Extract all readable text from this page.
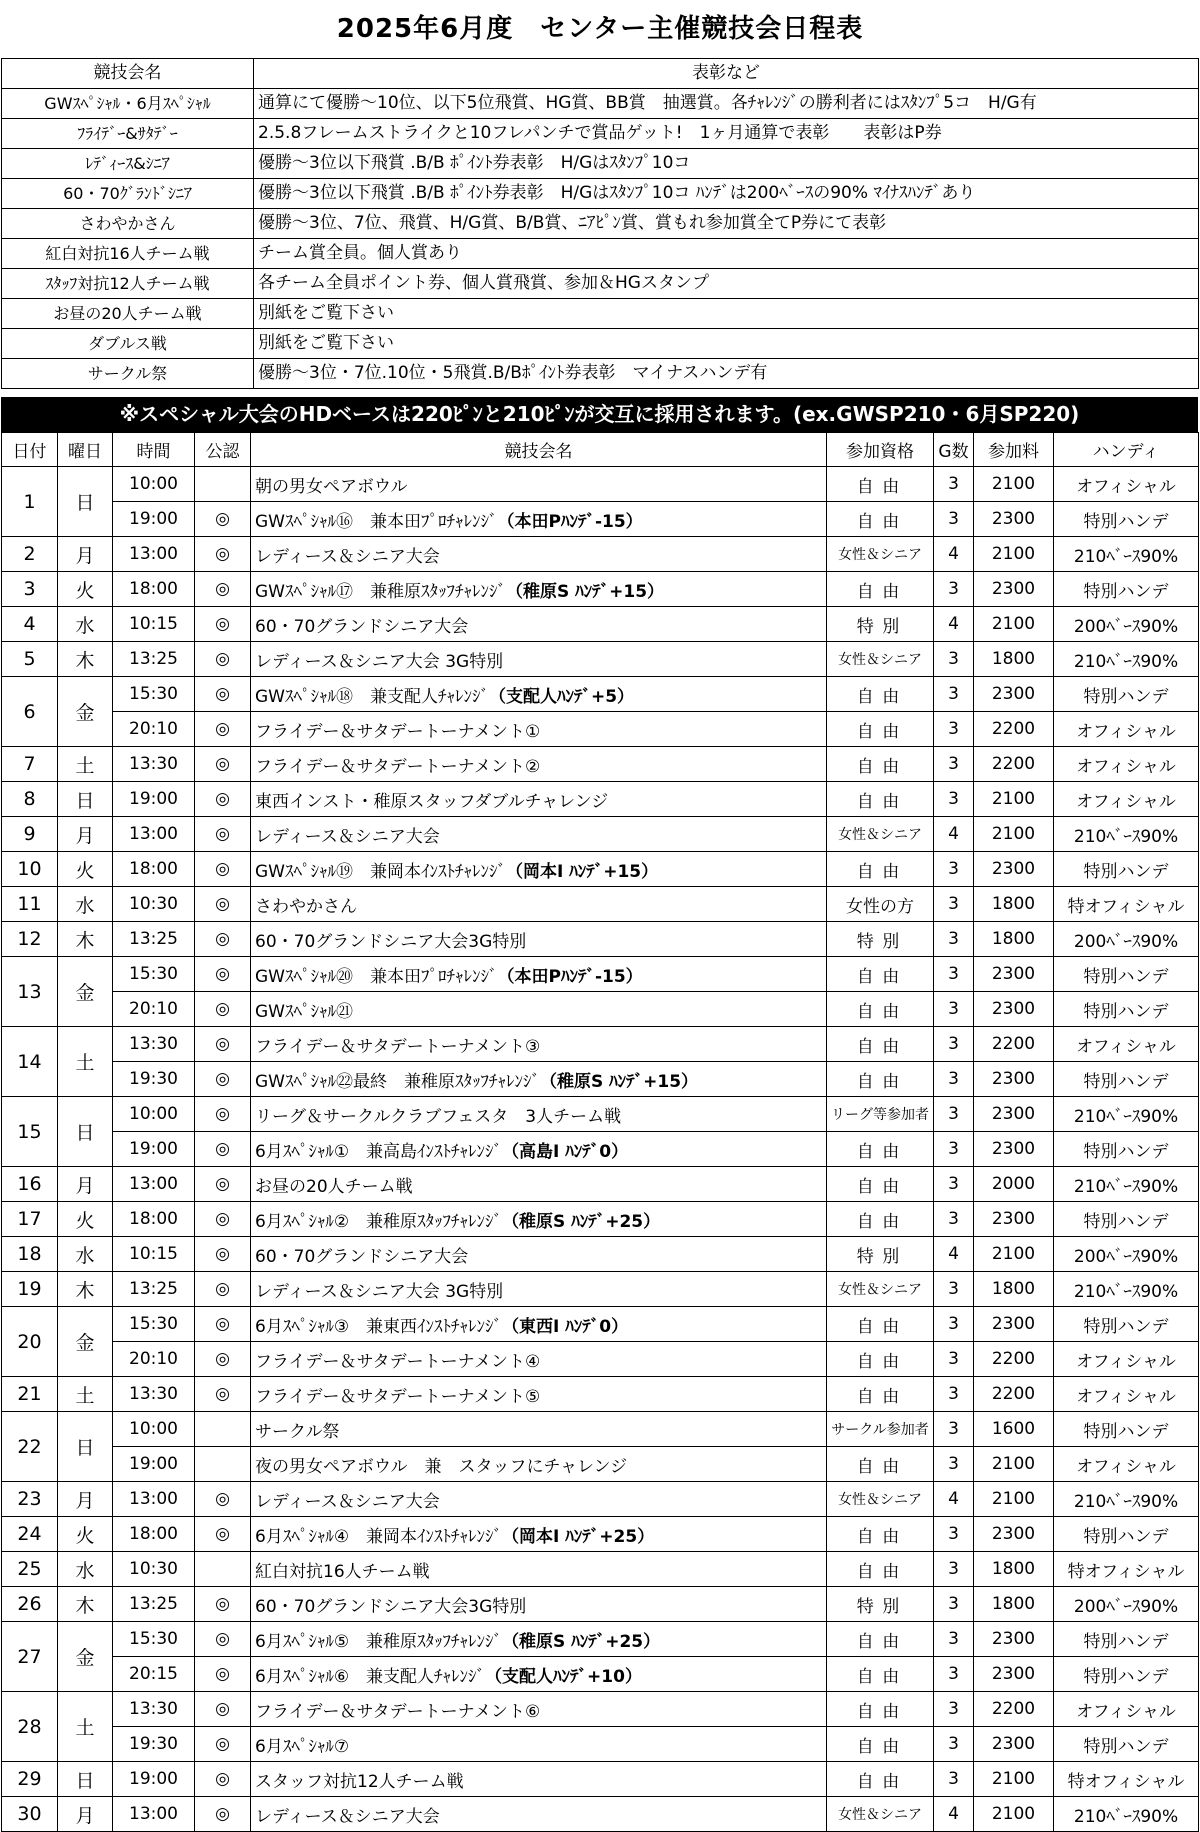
2025年6月度　センター主催競技会日程表
競技会名	表彰など
GWｽﾍﾟｼｬﾙ・6月ｽﾍﾟｼｬﾙ	通算にて優勝～10位、以下5位飛賞、HG賞、BB賞　抽選賞。各ﾁｬﾚﾝｼﾞの勝利者にはｽﾀﾝﾌﾟ5コ　H/G有
ﾌﾗｲﾃﾞｰ&ｻﾀﾃﾞｰ	2.5.8フレームストライクと10フレパンチで賞品ゲット!　1ヶ月通算で表彰　　表彰はP券
ﾚﾃﾞｨｰｽ&ｼﾆｱ	優勝～3位以下飛賞 .B/B ﾎﾟｲﾝﾄ券表彰　H/Gはｽﾀﾝﾌﾟ10コ
60・70ｸﾞﾗﾝﾄﾞｼﾆｱ	優勝～3位以下飛賞 .B/B ﾎﾟｲﾝﾄ券表彰　H/Gはｽﾀﾝﾌﾟ10コ ﾊﾝﾃﾞは200ﾍﾞｰｽの90% ﾏｲﾅｽﾊﾝﾃﾞあり
さわやかさん	優勝～3位、7位、飛賞、H/G賞、B/B賞、ﾆｱﾋﾟﾝ賞、賞もれ参加賞全てP券にて表彰
紅白対抗16人チーム戦	チーム賞全員。個人賞あり
ｽﾀｯﾌ対抗12人チーム戦	各チーム全員ポイント券、個人賞飛賞、参加＆HGスタンプ
お昼の20人チーム戦	別紙をご覧下さい
ダブルス戦	別紙をご覧下さい
サークル祭	優勝～3位・7位.10位・5飛賞.B/Bﾎﾟｲﾝﾄ券表彰　マイナスハンデ有
※スペシャル大会のHDベースは220ﾋﾟﾝと210ﾋﾟﾝが交互に採用されます。(ex.GWSP210・6月SP220)
日付	曜日	時間	公認	競技会名	参加資格	G数	参加料	ハンディ
1	日	10:00		朝の男女ペアボウル	自由	3	2100	オフィシャル
		19:00	◎	GWｽﾍﾟｼｬﾙ⑯　兼本田ﾌﾟﾛﾁｬﾚﾝｼﾞ（本田Pﾊﾝﾃﾞ-15）	自由	3	2300	特別ハンデ
2	月	13:00	◎	レディース＆シニア大会	女性＆シニア	4	2100	210ﾍﾞｰｽ90%
3	火	18:00	◎	GWｽﾍﾟｼｬﾙ⑰　兼稚原ｽﾀｯﾌﾁｬﾚﾝｼﾞ（稚原S ﾊﾝﾃﾞ+15）	自由	3	2300	特別ハンデ
4	水	10:15	◎	60・70グランドシニア大会	特別	4	2100	200ﾍﾞｰｽ90%
5	木	13:25	◎	レディース＆シニア大会 3G特別	女性＆シニア	3	1800	210ﾍﾞｰｽ90%
6	金	15:30	◎	GWｽﾍﾟｼｬﾙ⑱　兼支配人ﾁｬﾚﾝｼﾞ（支配人ﾊﾝﾃﾞ+5）	自由	3	2300	特別ハンデ
		20:10	◎	フライデー＆サタデートーナメント①	自由	3	2200	オフィシャル
7	土	13:30	◎	フライデー＆サタデートーナメント②	自由	3	2200	オフィシャル
8	日	19:00	◎	東西インスト・稚原スタッフダブルチャレンジ	自由	3	2100	オフィシャル
9	月	13:00	◎	レディース＆シニア大会	女性＆シニア	4	2100	210ﾍﾞｰｽ90%
10	火	18:00	◎	GWｽﾍﾟｼｬﾙ⑲　兼岡本ｲﾝｽﾄﾁｬﾚﾝｼﾞ（岡本I ﾊﾝﾃﾞ+15）	自由	3	2300	特別ハンデ
11	水	10:30	◎	さわやかさん	女性の方	3	1800	特オフィシャル
12	木	13:25	◎	60・70グランドシニア大会3G特別	特別	3	1800	200ﾍﾞｰｽ90%
13	金	15:30	◎	GWｽﾍﾟｼｬﾙ⑳　兼本田ﾌﾟﾛﾁｬﾚﾝｼﾞ（本田Pﾊﾝﾃﾞ-15）	自由	3	2300	特別ハンデ
		20:10	◎	GWｽﾍﾟｼｬﾙ㉑	自由	3	2300	特別ハンデ
14	土	13:30	◎	フライデー＆サタデートーナメント③	自由	3	2200	オフィシャル
		19:30	◎	GWｽﾍﾟｼｬﾙ㉒最終　兼稚原ｽﾀｯﾌﾁｬﾚﾝｼﾞ（稚原S ﾊﾝﾃﾞ+15）	自由	3	2300	特別ハンデ
15	日	10:00	◎	リーグ＆サークルクラブフェスタ　3人チーム戦	リーグ等参加者	3	2300	210ﾍﾞｰｽ90%
		19:00	◎	6月ｽﾍﾟｼｬﾙ①　兼高島ｲﾝｽﾄﾁｬﾚﾝｼﾞ（高島I ﾊﾝﾃﾞ0）	自由	3	2300	特別ハンデ
16	月	13:00	◎	お昼の20人チーム戦	自由	3	2000	210ﾍﾞｰｽ90%
17	火	18:00	◎	6月ｽﾍﾟｼｬﾙ②　兼稚原ｽﾀｯﾌﾁｬﾚﾝｼﾞ（稚原S ﾊﾝﾃﾞ+25）	自由	3	2300	特別ハンデ
18	水	10:15	◎	60・70グランドシニア大会	特別	4	2100	200ﾍﾞｰｽ90%
19	木	13:25	◎	レディース＆シニア大会 3G特別	女性＆シニア	3	1800	210ﾍﾞｰｽ90%
20	金	15:30	◎	6月ｽﾍﾟｼｬﾙ③　兼東西ｲﾝｽﾄﾁｬﾚﾝｼﾞ（東西I ﾊﾝﾃﾞ0）	自由	3	2300	特別ハンデ
		20:10	◎	フライデー＆サタデートーナメント④	自由	3	2200	オフィシャル
21	土	13:30	◎	フライデー＆サタデートーナメント⑤	自由	3	2200	オフィシャル
22	日	10:00		サークル祭	サークル参加者	3	1600	特別ハンデ
		19:00		夜の男女ペアボウル　兼　スタッフにチャレンジ	自由	3	2100	オフィシャル
23	月	13:00	◎	レディース＆シニア大会	女性＆シニア	4	2100	210ﾍﾞｰｽ90%
24	火	18:00	◎	6月ｽﾍﾟｼｬﾙ④　兼岡本ｲﾝｽﾄﾁｬﾚﾝｼﾞ（岡本I ﾊﾝﾃﾞ+25）	自由	3	2300	特別ハンデ
25	水	10:30		紅白対抗16人チーム戦	自由	3	1800	特オフィシャル
26	木	13:25	◎	60・70グランドシニア大会3G特別	特別	3	1800	200ﾍﾞｰｽ90%
27	金	15:30	◎	6月ｽﾍﾟｼｬﾙ⑤　兼稚原ｽﾀｯﾌﾁｬﾚﾝｼﾞ（稚原S ﾊﾝﾃﾞ+25）	自由	3	2300	特別ハンデ
		20:15	◎	6月ｽﾍﾟｼｬﾙ⑥　兼支配人ﾁｬﾚﾝｼﾞ（支配人ﾊﾝﾃﾞ+10）	自由	3	2300	特別ハンデ
28	土	13:30	◎	フライデー＆サタデートーナメント⑥	自由	3	2200	オフィシャル
		19:30	◎	6月ｽﾍﾟｼｬﾙ⑦	自由	3	2300	特別ハンデ
29	日	19:00	◎	スタッフ対抗12人チーム戦	自由	3	2100	特オフィシャル
30	月	13:00	◎	レディース＆シニア大会	女性＆シニア	4	2100	210ﾍﾞｰｽ90%
